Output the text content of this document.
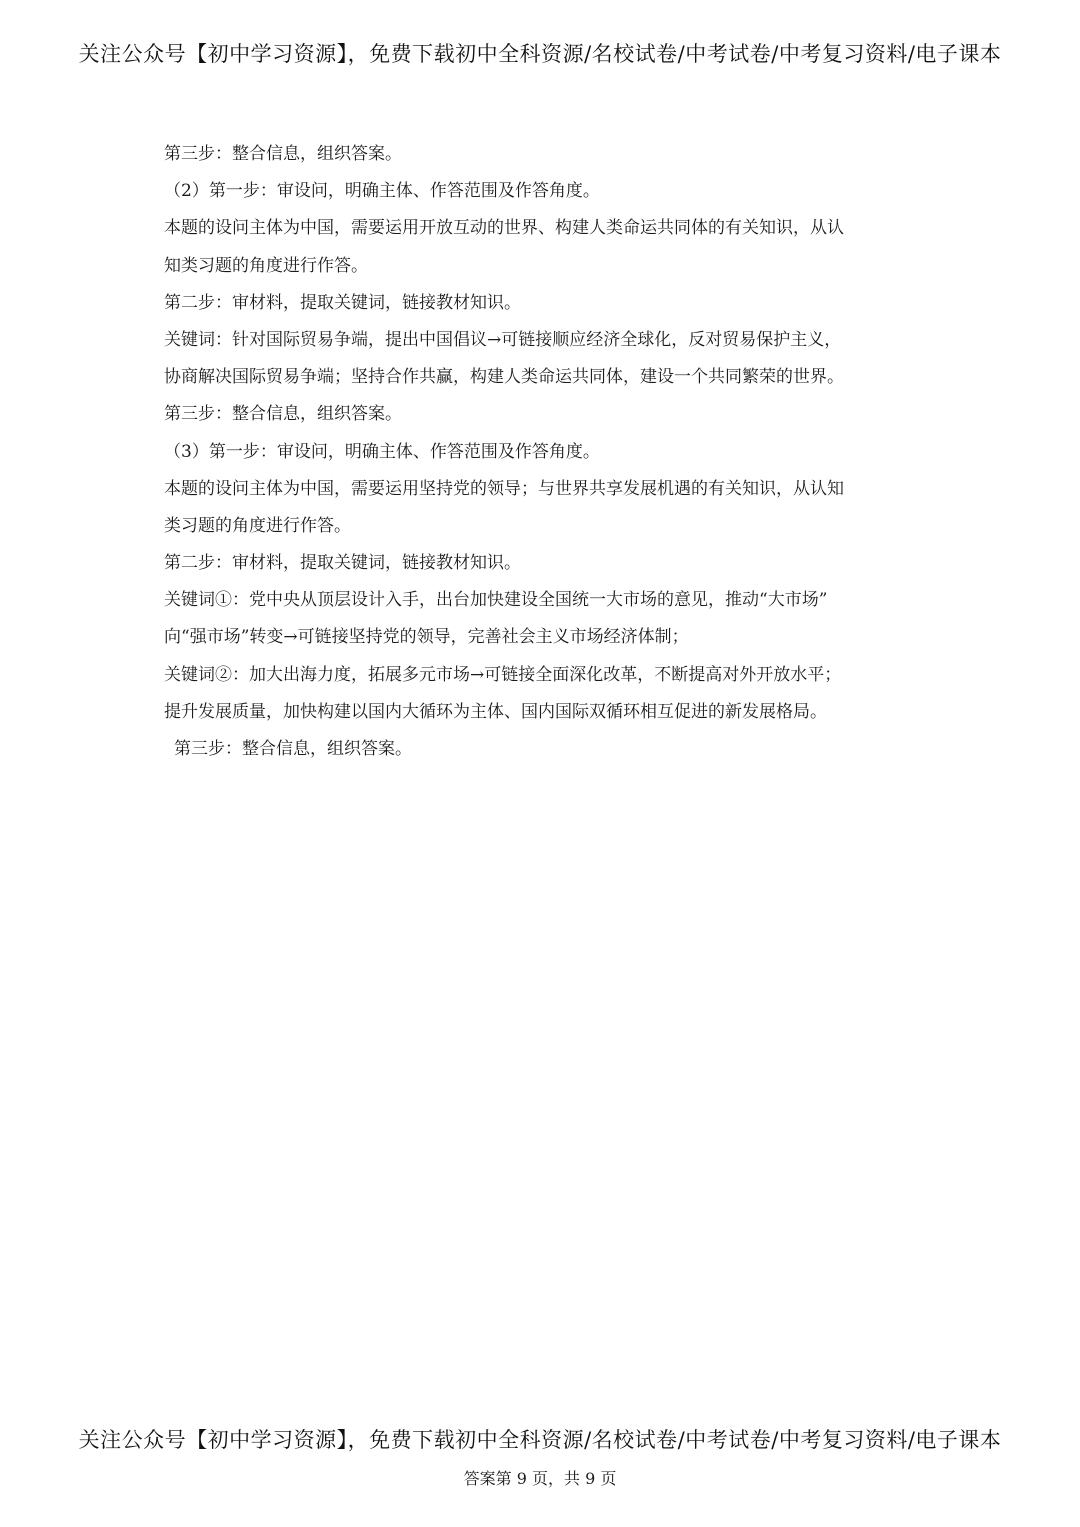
关注公众号【初中学习资源】，免费下载初中全科资源/名校试卷/中考试卷/中考复习资料/电子课本
第三步：整合信息，组织答案。
（2）第一步：审设问，明确主体、作答范围及作答角度。
本题的设问主体为中国，需要运用开放互动的世界、构建人类命运共同体的有关知识，从认
知类习题的角度进行作答。
第二步：审材料，提取关键词，链接教材知识。
关键词：针对国际贸易争端，提出中国倡议→可链接顺应经济全球化，反对贸易保护主义，
协商解决国际贸易争端；坚持合作共赢，构建人类命运共同体，建设一个共同繁荣的世界。
第三步：整合信息，组织答案。
（3）第一步：审设问，明确主体、作答范围及作答角度。
本题的设问主体为中国，需要运用坚持党的领导；与世界共享发展机遇的有关知识，从认知
类习题的角度进行作答。
第二步：审材料，提取关键词，链接教材知识。
关键词①：党中央从顶层设计入手，出台加快建设全国统一大市场的意见，推动“大市场”
向“强市场”转变→可链接坚持党的领导，完善社会主义市场经济体制；
关键词②：加大出海力度，拓展多元市场→可链接全面深化改革，不断提高对外开放水平；
提升发展质量，加快构建以国内大循环为主体、国内国际双循环相互促进的新发展格局。
第三步：整合信息，组织答案。
关注公众号【初中学习资源】，免费下载初中全科资源/名校试卷/中考试卷/中考复习资料/电子课本
答案第 9 页，共 9 页
